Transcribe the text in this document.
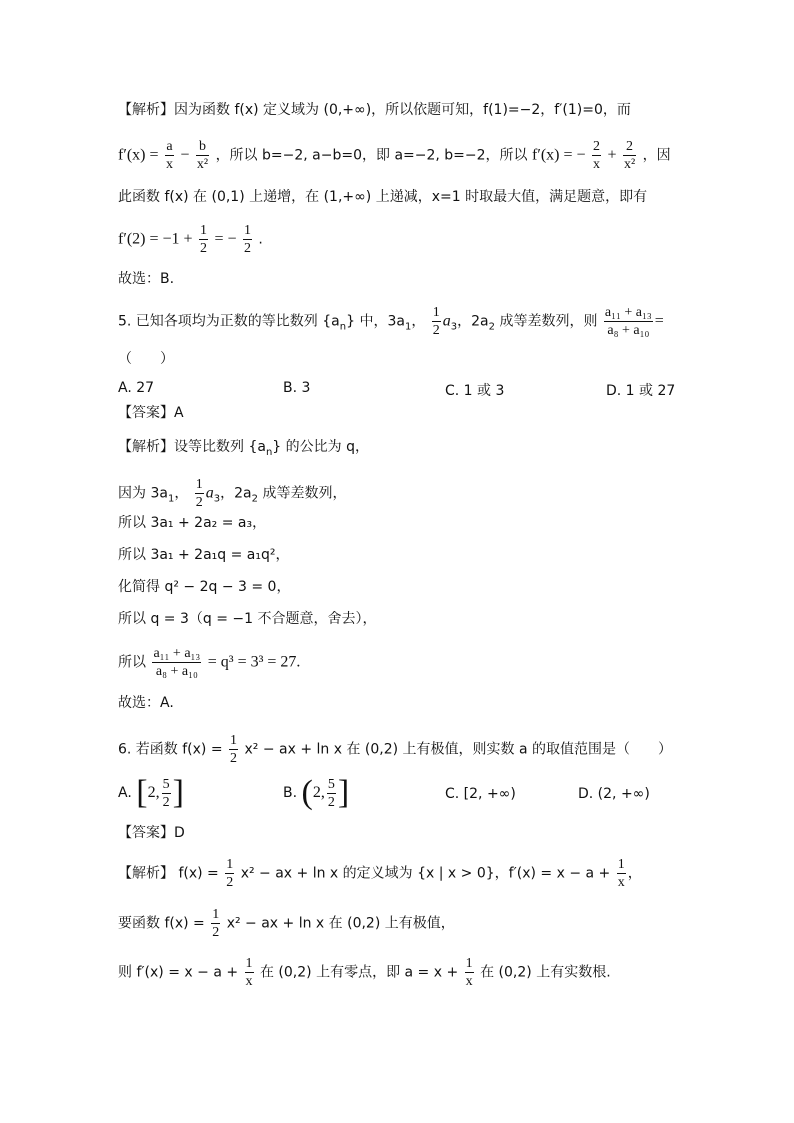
【解析】因为函数 f(x) 定义域为 (0,+∞)，所以依题可知，f(1)=−2，f′(1)=0，而
$f'(x) = \frac{a}{x} - \frac{b}{\text{x²}}$ ，所以 b=−2, a−b=0，即 a=−2, b=−2，所以 f′(x) = − $\frac{2}{x} + \frac{2}{\text{x²}}$ ，因
此函数 f(x) 在 (0,1) 上递增，在 (1,+∞) 上递减，x=1 时取最大值，满足题意，即有
$f'(2) = -1 + \frac{1}{2}$ = − $\frac{1}{2}$ .
故选：B.
5. 已知各项均为正数的等比数列 $\{a_n\}$ 中，$3a_1$， $\frac{1}{2} a_3$，$2a_2$ 成等差数列，则 $\frac{\text{a₁₁ + a₁₃}}{\text{a₈ + a₁₀}}$ =
（　　）
A. 27	B. 3	C. 1 或 3	D. 1 或 27
【答案】A
【解析】设等比数列 $\{a_n\}$ 的公比为 q，
因为 $3a_1$， $\frac{1}{2} a_3$，$2a_2$ 成等差数列，
所以 3a₁ + 2a₂ = a₃，
所以 3a₁ + 2a₁q = a₁q²，
化简得 q² − 2q − 3 = 0，
所以 q = 3（q = −1 不合题意，舍去），
所以 $\frac{\text{a₁₁ + a₁₃}}{\text{a₈ + a₁₀}} = q^3 = 3^3 = 27$.
故选：A.
6. 若函数 $f(x) = \frac{1}{2} x^2$ − ax + ln x 在 (0,2) 上有极值，则实数 a 的取值范围是（　　）
A. [2, $\frac{5}{2}$ ]	B. (2, $\frac{5}{2}$ ]	C. [2, +∞)	D. (2, +∞)
【答案】D
【解析】 $f(x) = \frac{1}{2} x^2$ − ax + ln x 的定义域为 {x | x > 0}，$f'(x) = x - a + \frac{1}{x}$ ，
要函数 $f(x) = \frac{1}{2} x^2$ − ax + ln x 在 (0,2) 上有极值，
则 $f'(x) = x - a + \frac{1}{x}$ 在 (0,2) 上有零点，即 $a = x + \frac{1}{x}$ 在 (0,2) 上有实数根.
